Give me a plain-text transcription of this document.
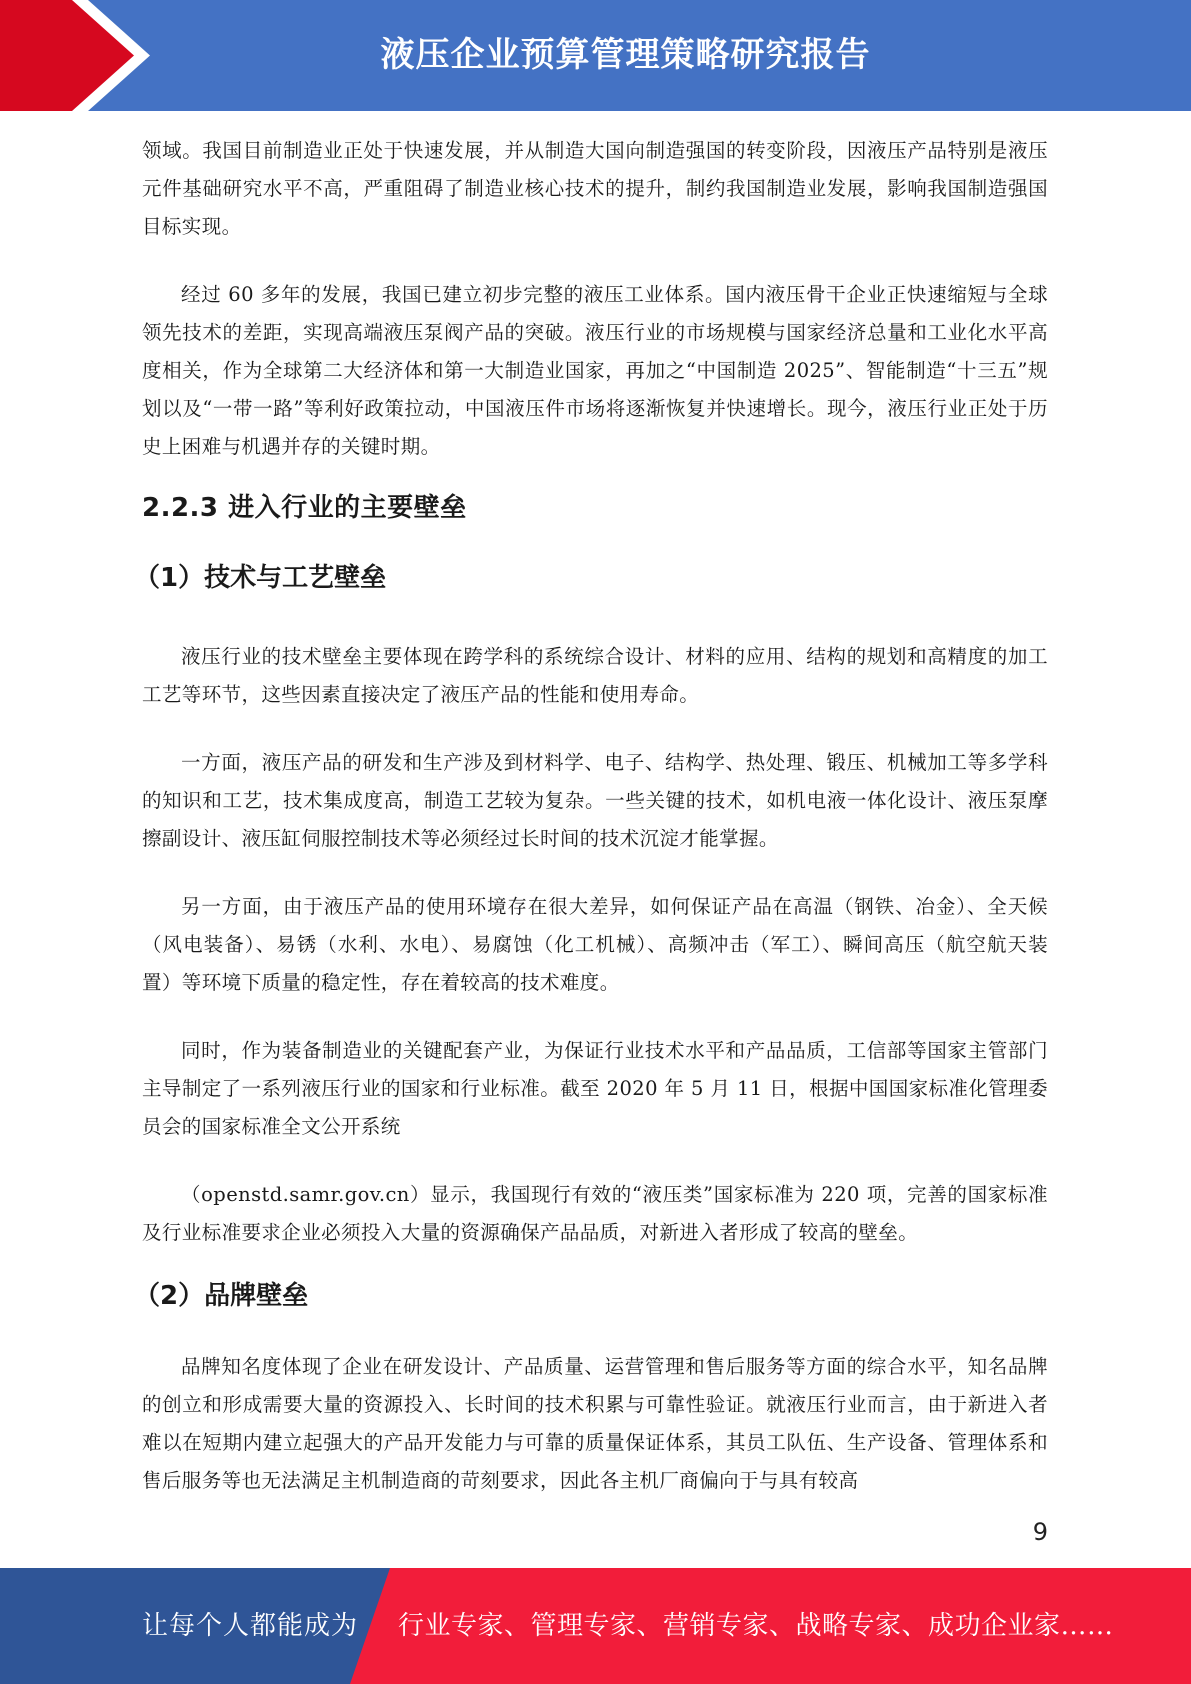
液压企业预算管理策略研究报告

领域。我国目前制造业正处于快速发展，并从制造大国向制造强国的转变阶段，因液压产品特别是液压元件基础研究水平不高，严重阻碍了制造业核心技术的提升，制约我国制造业发展，影响我国制造强国目标实现。

经过 60 多年的发展，我国已建立初步完整的液压工业体系。国内液压骨干企业正快速缩短与全球领先技术的差距，实现高端液压泵阀产品的突破。液压行业的市场规模与国家经济总量和工业化水平高度相关，作为全球第二大经济体和第一大制造业国家，再加之“中国制造 2025”、智能制造“十三五”规划以及“一带一路”等利好政策拉动，中国液压件市场将逐渐恢复并快速增长。现今，液压行业正处于历史上困难与机遇并存的关键时期。

2.2.3 进入行业的主要壁垒
（1）技术与工艺壁垒

液压行业的技术壁垒主要体现在跨学科的系统综合设计、材料的应用、结构的规划和高精度的加工工艺等环节，这些因素直接决定了液压产品的性能和使用寿命。

一方面，液压产品的研发和生产涉及到材料学、电子、结构学、热处理、锻压、机械加工等多学科的知识和工艺，技术集成度高，制造工艺较为复杂。一些关键的技术，如机电液一体化设计、液压泵摩擦副设计、液压缸伺服控制技术等必须经过长时间的技术沉淀才能掌握。

另一方面，由于液压产品的使用环境存在很大差异，如何保证产品在高温（钢铁、冶金）、全天候（风电装备）、易锈（水利、水电）、易腐蚀（化工机械）、高频冲击（军工）、瞬间高压（航空航天装置）等环境下质量的稳定性，存在着较高的技术难度。

同时，作为装备制造业的关键配套产业，为保证行业技术水平和产品品质，工信部等国家主管部门主导制定了一系列液压行业的国家和行业标准。截至 2020 年 5 月 11 日，根据中国国家标准化管理委员会的国家标准全文公开系统

（openstd.samr.gov.cn）显示，我国现行有效的“液压类”国家标准为 220 项，完善的国家标准及行业标准要求企业必须投入大量的资源确保产品品质，对新进入者形成了较高的壁垒。

（2）品牌壁垒

品牌知名度体现了企业在研发设计、产品质量、运营管理和售后服务等方面的综合水平，知名品牌的创立和形成需要大量的资源投入、长时间的技术积累与可靠性验证。就液压行业而言，由于新进入者难以在短期内建立起强大的产品开发能力与可靠的质量保证体系，其员工队伍、生产设备、管理体系和售后服务等也无法满足主机制造商的苛刻要求，因此各主机厂商偏向于与具有较高

9
让每个人都能成为 行业专家、管理专家、营销专家、战略专家、成功企业家……
